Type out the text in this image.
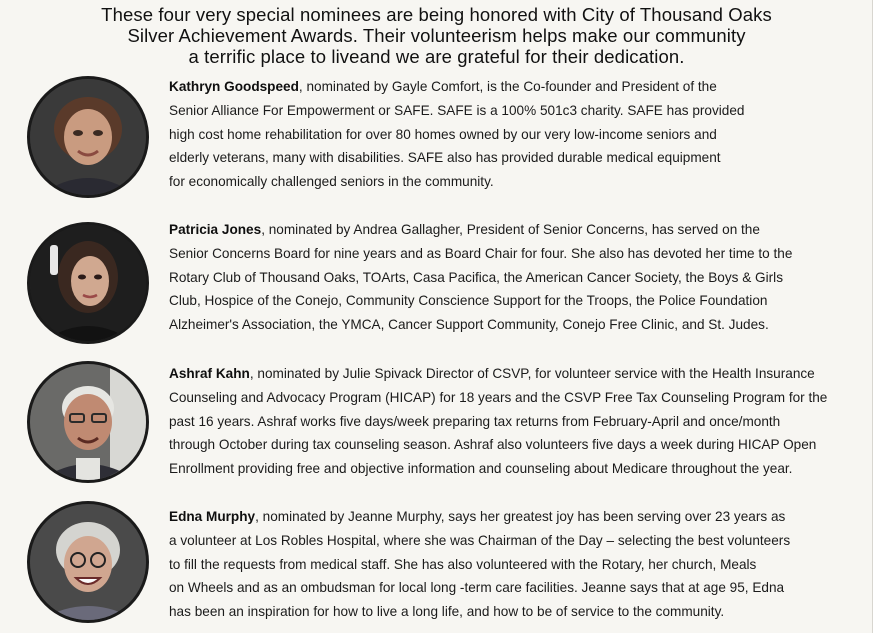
These four very special nominees are being honored with City of Thousand Oaks
Silver Achievement Awards. Their volunteerism helps make our community
a terrific place to liveand we are grateful for their dedication.
Kathryn Goodspeed, nominated by Gayle Comfort, is the Co-founder and President of the
Senior Alliance For Empowerment or SAFE. SAFE is a 100% 501c3 charity. SAFE has provided
high cost home rehabilitation for over 80 homes owned by our very low-income seniors and
elderly veterans, many with disabilities. SAFE also has provided durable medical equipment
for economically challenged seniors in the community.
Patricia Jones, nominated by Andrea Gallagher, President of Senior Concerns, has served on the
Senior Concerns Board for nine years and as Board Chair for four. She also has devoted her time to the
Rotary Club of Thousand Oaks, TOArts, Casa Pacifica, the American Cancer Society, the Boys & Girls
Club, Hospice of the Conejo, Community Conscience Support for the Troops, the Police Foundation
Alzheimer's Association, the YMCA, Cancer Support Community, Conejo Free Clinic, and St. Judes.
Ashraf Kahn, nominated by Julie Spivack Director of CSVP, for volunteer service with the Health Insurance
Counseling and Advocacy Program (HICAP) for 18 years and the CSVP Free Tax Counseling Program for the
past 16 years. Ashraf works five days/week preparing tax returns from February-April and once/month
through October during tax counseling season. Ashraf also volunteers five days a week during HICAP Open
Enrollment providing free and objective information and counseling about Medicare throughout the year.
Edna Murphy, nominated by Jeanne Murphy, says her greatest joy has been serving over 23 years as
a volunteer at Los Robles Hospital, where she was Chairman of the Day – selecting the best volunteers
to fill the requests from medical staff. She has also volunteered with the Rotary, her church, Meals
on Wheels and as an ombudsman for local long -term care facilities. Jeanne says that at age 95, Edna
has been an inspiration for how to live a long life, and how to be of service to the community.
